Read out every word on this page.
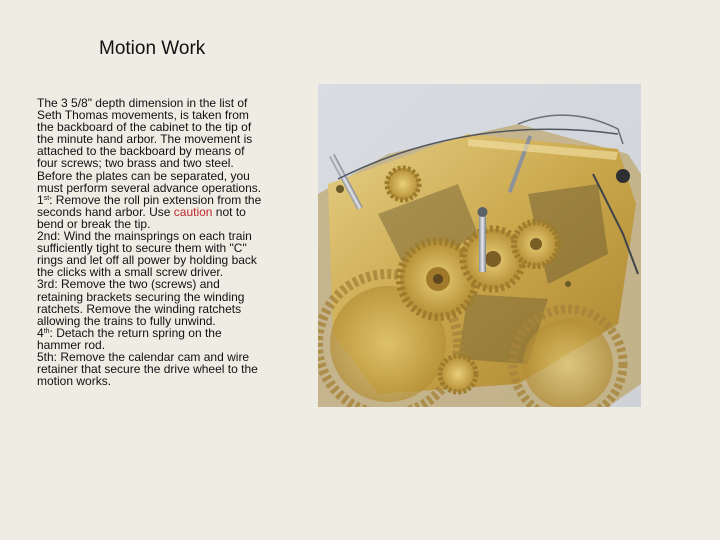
Motion Work

The 3 5/8" depth dimension in the list of Seth Thomas movements, is taken from the backboard of the cabinet to the tip of the minute hand arbor. The movement is attached to the backboard by means of four screws; two brass and two steel. Before the plates can be separated, you must perform several advance operations.

1st: Remove the roll pin extension from the seconds hand arbor. Use caution not to bend or break the tip.

2nd: Wind the mainsprings on each train sufficiently tight to secure them with "C" rings and let off all power by holding back the clicks with a small screw driver.

3rd: Remove the two (screws) and retaining brackets securing the winding ratchets. Remove the winding ratchets allowing the trains to fully unwind.

4th: Detach the return spring on the hammer rod.

5th: Remove the calendar cam and wire retainer that secure the drive wheel to the motion works.
